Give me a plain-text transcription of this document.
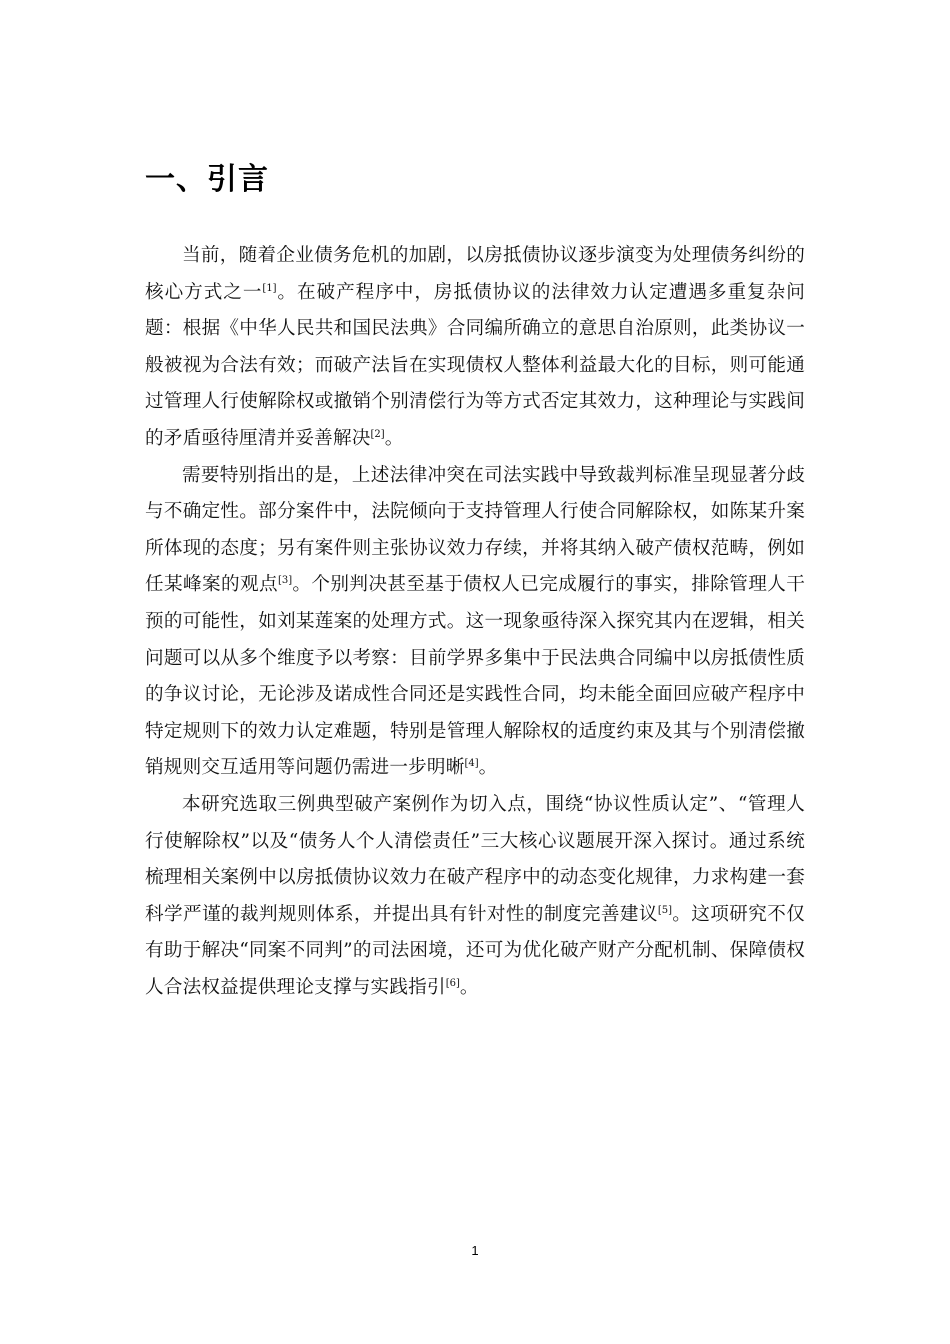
一、引言

当前，随着企业债务危机的加剧，以房抵债协议逐步演变为处理债务纠纷的核心方式之一[1]。在破产程序中，房抵债协议的法律效力认定遭遇多重复杂问题：根据《中华人民共和国民法典》合同编所确立的意思自治原则，此类协议一般被视为合法有效；而破产法旨在实现债权人整体利益最大化的目标，则可能通过管理人行使解除权或撤销个别清偿行为等方式否定其效力，这种理论与实践间的矛盾亟待厘清并妥善解决[2]。

需要特别指出的是，上述法律冲突在司法实践中导致裁判标准呈现显著分歧与不确定性。部分案件中，法院倾向于支持管理人行使合同解除权，如陈某升案所体现的态度；另有案件则主张协议效力存续，并将其纳入破产债权范畴，例如任某峰案的观点[3]。个别判决甚至基于债权人已完成履行的事实，排除管理人干预的可能性，如刘某莲案的处理方式。这一现象亟待深入探究其内在逻辑，相关问题可以从多个维度予以考察：目前学界多集中于民法典合同编中以房抵债性质的争议讨论，无论涉及诺成性合同还是实践性合同，均未能全面回应破产程序中特定规则下的效力认定难题，特别是管理人解除权的适度约束及其与个别清偿撤销规则交互适用等问题仍需进一步明晰[4]。

本研究选取三例典型破产案例作为切入点，围绕“协议性质认定”、“管理人行使解除权”以及“债务人个人清偿责任”三大核心议题展开深入探讨。通过系统梳理相关案例中以房抵债协议效力在破产程序中的动态变化规律，力求构建一套科学严谨的裁判规则体系，并提出具有针对性的制度完善建议[5]。这项研究不仅有助于解决“同案不同判”的司法困境，还可为优化破产财产分配机制、保障债权人合法权益提供理论支撑与实践指引[6]。

1
